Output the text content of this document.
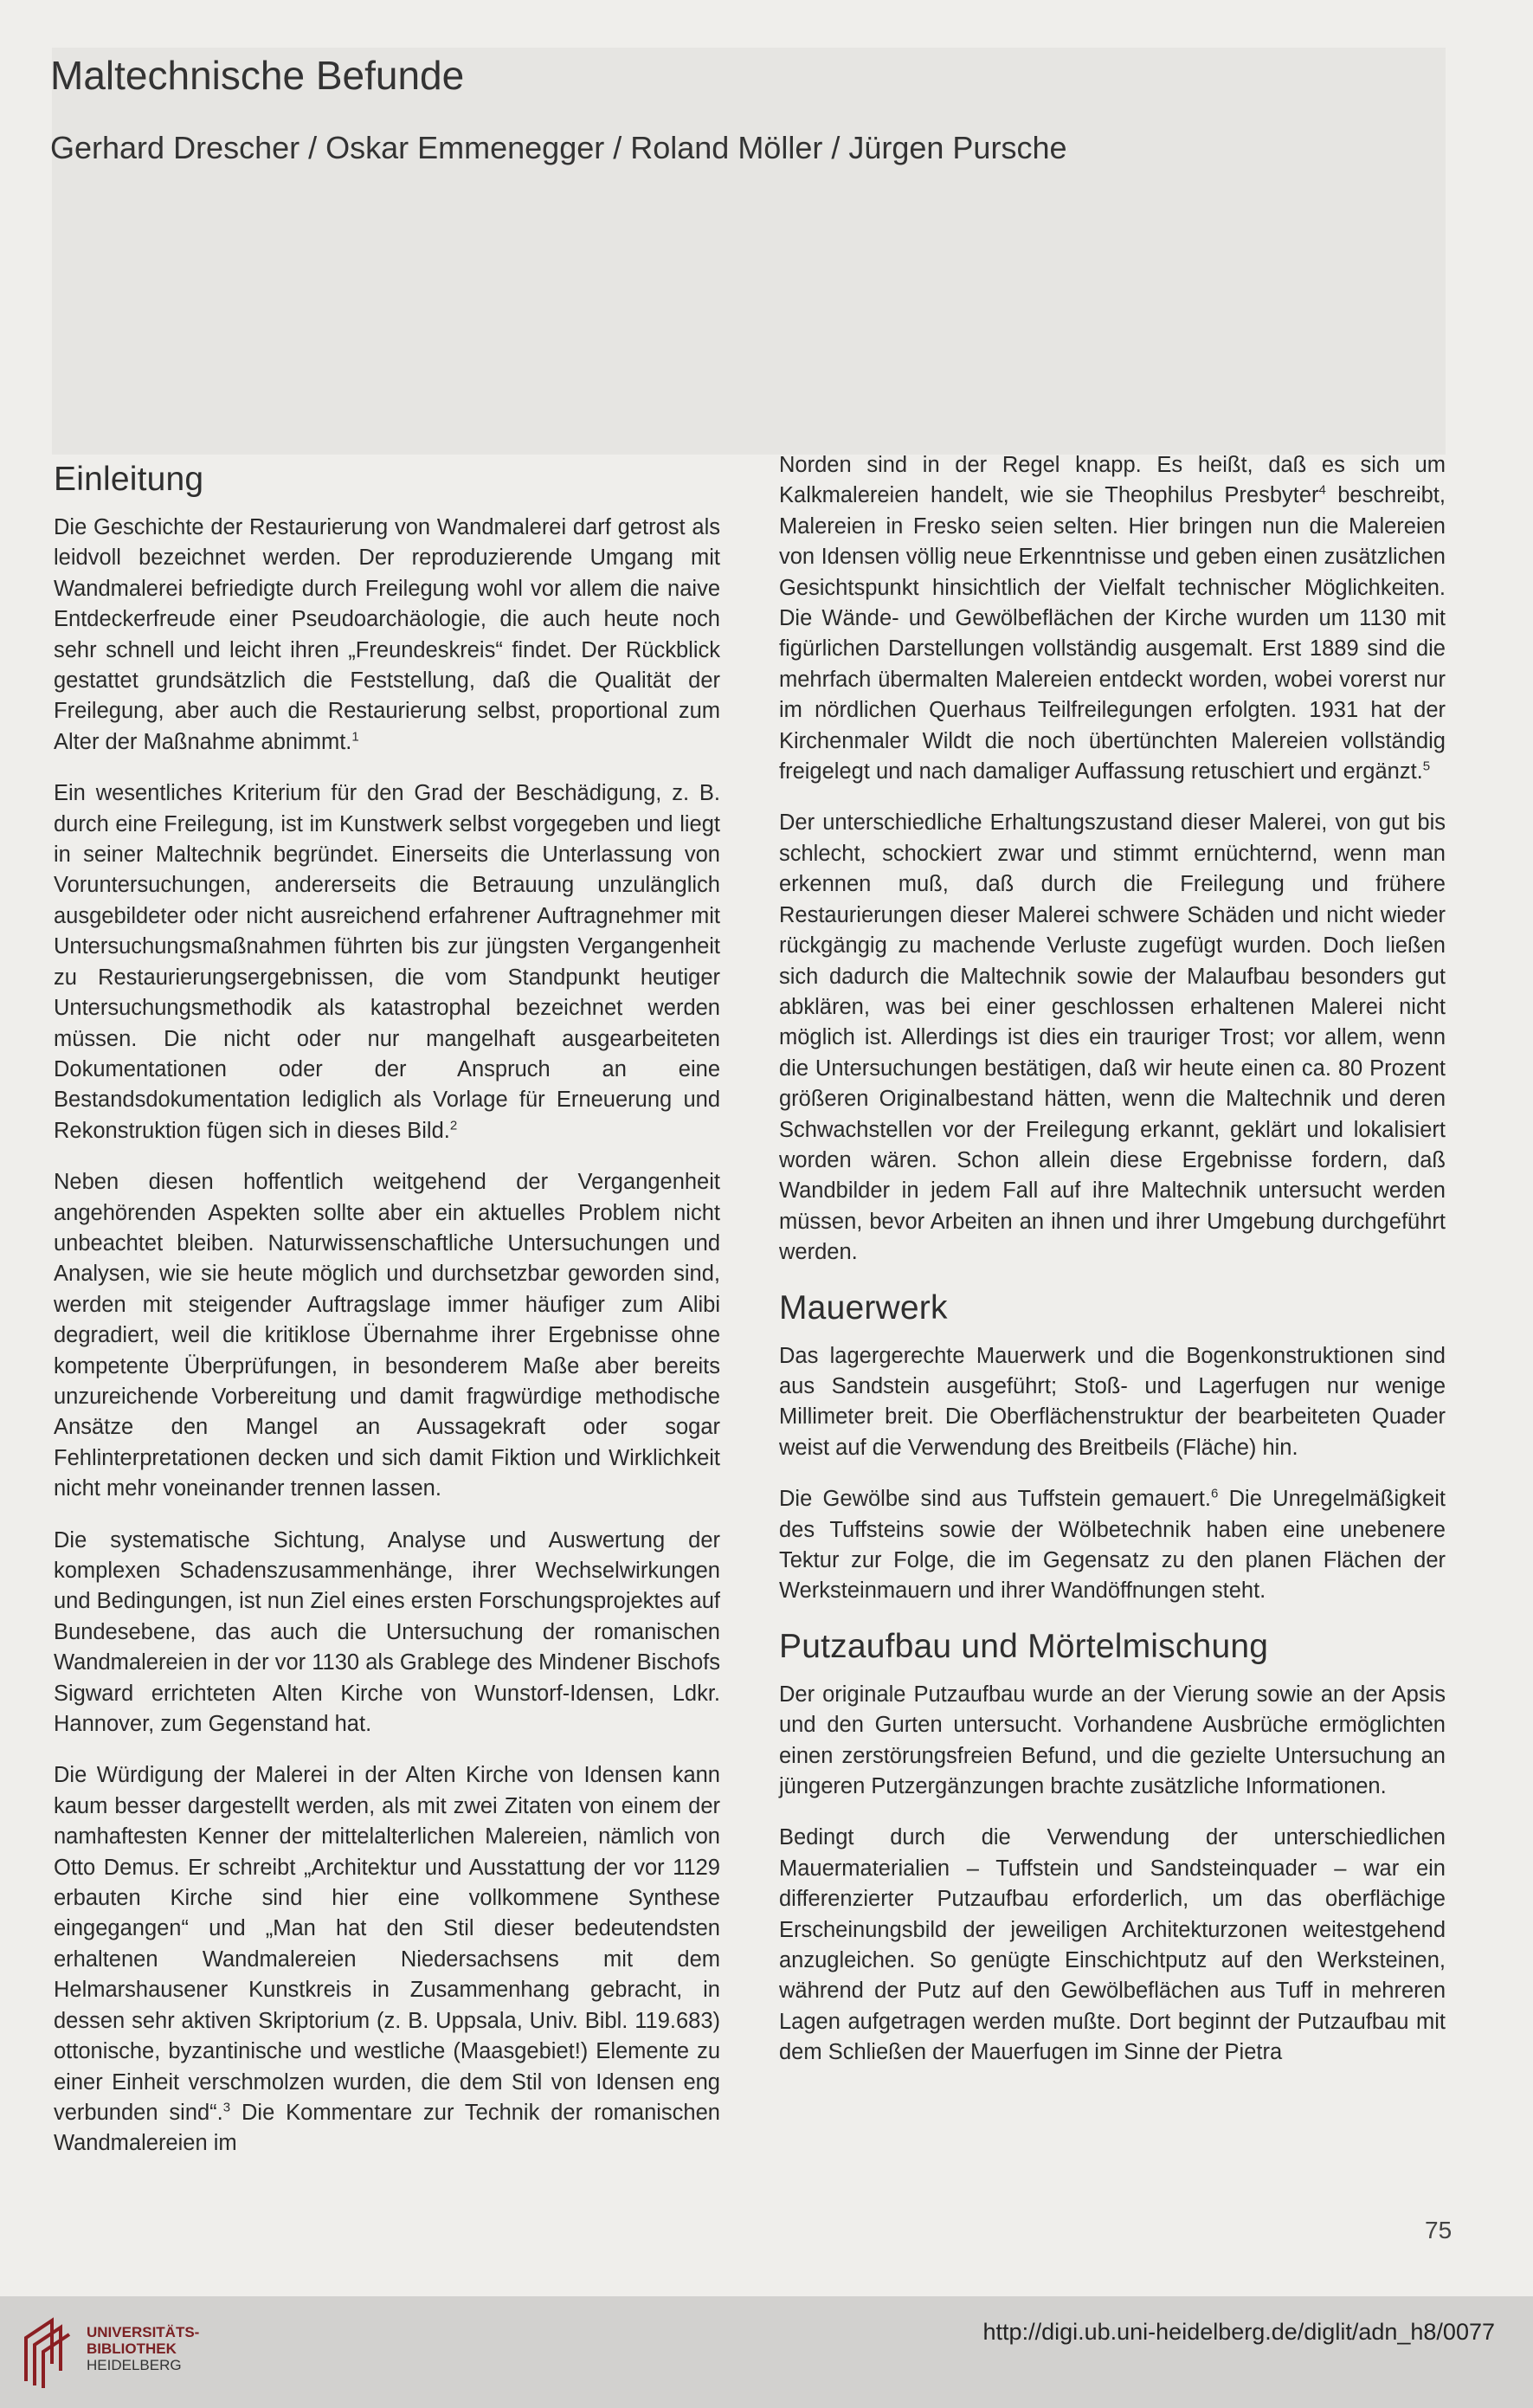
Maltechnische Befunde
Gerhard Drescher / Oskar Emmenegger / Roland Möller / Jürgen Pursche
Einleitung

Die Geschichte der Restaurierung von Wandmalerei darf getrost als leidvoll bezeichnet werden. Der reproduzierende Umgang mit Wandmalerei befriedigte durch Freilegung wohl vor allem die naive Entdeckerfreude einer Pseudoarchäologie, die auch heute noch sehr schnell und leicht ihren „Freundeskreis“ findet. Der Rückblick gestattet grundsätzlich die Feststellung, daß die Qualität der Freilegung, aber auch die Restaurierung selbst, proportional zum Alter der Maßnahme abnimmt.$^1$

Ein wesentliches Kriterium für den Grad der Beschädigung, z. B. durch eine Freilegung, ist im Kunstwerk selbst vorgegeben und liegt in seiner Maltechnik begründet. Einerseits die Unterlassung von Voruntersuchungen, andererseits die Betrauung unzulänglich ausgebildeter oder nicht ausreichend erfahrener Auftragnehmer mit Untersuchungsmaßnahmen führten bis zur jüngsten Vergangenheit zu Restaurierungsergebnissen, die vom Standpunkt heutiger Untersuchungsmethodik als katastrophal bezeichnet werden müssen. Die nicht oder nur mangelhaft ausgearbeiteten Dokumentationen oder der Anspruch an eine Bestandsdokumentation lediglich als Vorlage für Erneuerung und Rekonstruktion fügen sich in dieses Bild.$^2$

Neben diesen hoffentlich weitgehend der Vergangenheit angehörenden Aspekten sollte aber ein aktuelles Problem nicht unbeachtet bleiben. Naturwissenschaftliche Untersuchungen und Analysen, wie sie heute möglich und durchsetzbar geworden sind, werden mit steigender Auftragslage immer häufiger zum Alibi degradiert, weil die kritiklose Übernahme ihrer Ergebnisse ohne kompetente Überprüfungen, in besonderem Maße aber bereits unzureichende Vorbereitung und damit fragwürdige methodische Ansätze den Mangel an Aussagekraft oder sogar Fehlinterpretationen decken und sich damit Fiktion und Wirklichkeit nicht mehr voneinander trennen lassen.

Die systematische Sichtung, Analyse und Auswertung der komplexen Schadenszusammenhänge, ihrer Wechselwirkungen und Bedingungen, ist nun Ziel eines ersten Forschungsprojektes auf Bundesebene, das auch die Untersuchung der romanischen Wandmalereien in der vor 1130 als Grablege des Mindener Bischofs Sigward errichteten Alten Kirche von Wunstorf-Idensen, Ldkr. Hannover, zum Gegenstand hat.

Die Würdigung der Malerei in der Alten Kirche von Idensen kann kaum besser dargestellt werden, als mit zwei Zitaten von einem der namhaftesten Kenner der mittelalterlichen Malereien, nämlich von Otto Demus. Er schreibt „Architektur und Ausstattung der vor 1129 erbauten Kirche sind hier eine vollkommene Synthese eingegangen“ und „Man hat den Stil dieser bedeutendsten erhaltenen Wandmalereien Niedersachsens mit dem Helmarshausener Kunstkreis in Zusammenhang gebracht, in dessen sehr aktiven Skriptorium (z. B. Uppsala, Univ. Bibl. 119.683) ottonische, byzantinische und westliche (Maasgebiet!) Elemente zu einer Einheit verschmolzen wurden, die dem Stil von Idensen eng verbunden sind“.$^3$ Die Kommentare zur Technik der romanischen Wandmalereien im

Norden sind in der Regel knapp. Es heißt, daß es sich um Kalkmalereien handelt, wie sie Theophilus Presbyter$^4$ beschreibt, Malereien in Fresko seien selten. Hier bringen nun die Malereien von Idensen völlig neue Erkenntnisse und geben einen zusätzlichen Gesichtspunkt hinsichtlich der Vielfalt technischer Möglichkeiten. Die Wände- und Gewölbeflächen der Kirche wurden um 1130 mit figürlichen Darstellungen vollständig ausgemalt. Erst 1889 sind die mehrfach übermalten Malereien entdeckt worden, wobei vorerst nur im nördlichen Querhaus Teilfreilegungen erfolgten. 1931 hat der Kirchenmaler Wildt die noch übertünchten Malereien vollständig freigelegt und nach damaliger Auffassung retuschiert und ergänzt.$^5$

Der unterschiedliche Erhaltungszustand dieser Malerei, von gut bis schlecht, schockiert zwar und stimmt ernüchternd, wenn man erkennen muß, daß durch die Freilegung und frühere Restaurierungen dieser Malerei schwere Schäden und nicht wieder rückgängig zu machende Verluste zugefügt wurden. Doch ließen sich dadurch die Maltechnik sowie der Malaufbau besonders gut abklären, was bei einer geschlossen erhaltenen Malerei nicht möglich ist. Allerdings ist dies ein trauriger Trost; vor allem, wenn die Untersuchungen bestätigen, daß wir heute einen ca. 80 Prozent größeren Originalbestand hätten, wenn die Maltechnik und deren Schwachstellen vor der Freilegung erkannt, geklärt und lokalisiert worden wären. Schon allein diese Ergebnisse fordern, daß Wandbilder in jedem Fall auf ihre Maltechnik untersucht werden müssen, bevor Arbeiten an ihnen und ihrer Umgebung durchgeführt werden.

Mauerwerk

Das lagergerechte Mauerwerk und die Bogenkonstruktionen sind aus Sandstein ausgeführt; Stoß- und Lagerfugen nur wenige Millimeter breit. Die Oberflächenstruktur der bearbeiteten Quader weist auf die Verwendung des Breitbeils (Fläche) hin.

Die Gewölbe sind aus Tuffstein gemauert.$^6$ Die Unregelmäßigkeit des Tuffsteins sowie der Wölbetechnik haben eine unebenere Tektur zur Folge, die im Gegensatz zu den planen Flächen der Werksteinmauern und ihrer Wandöffnungen steht.

Putzaufbau und Mörtelmischung

Der originale Putzaufbau wurde an der Vierung sowie an der Apsis und den Gurten untersucht. Vorhandene Ausbrüche ermöglichten einen zerstörungsfreien Befund, und die gezielte Untersuchung an jüngeren Putzergänzungen brachte zusätzliche Informationen.

Bedingt durch die Verwendung der unterschiedlichen Mauermaterialien – Tuffstein und Sandsteinquader – war ein differenzierter Putzaufbau erforderlich, um das oberflächige Erscheinungsbild der jeweiligen Architekturzonen weitestgehend anzugleichen. So genügte Einschichtputz auf den Werksteinen, während der Putz auf den Gewölbeflächen aus Tuff in mehreren Lagen aufgetragen werden mußte. Dort beginnt der Putzaufbau mit dem Schließen der Mauerfugen im Sinne der Pietra

75
UNIVERSITÄTS-
BIBLIOTHEK
HEIDELBERG
http://digi.ub.uni-heidelberg.de/diglit/adn_h8/0077
